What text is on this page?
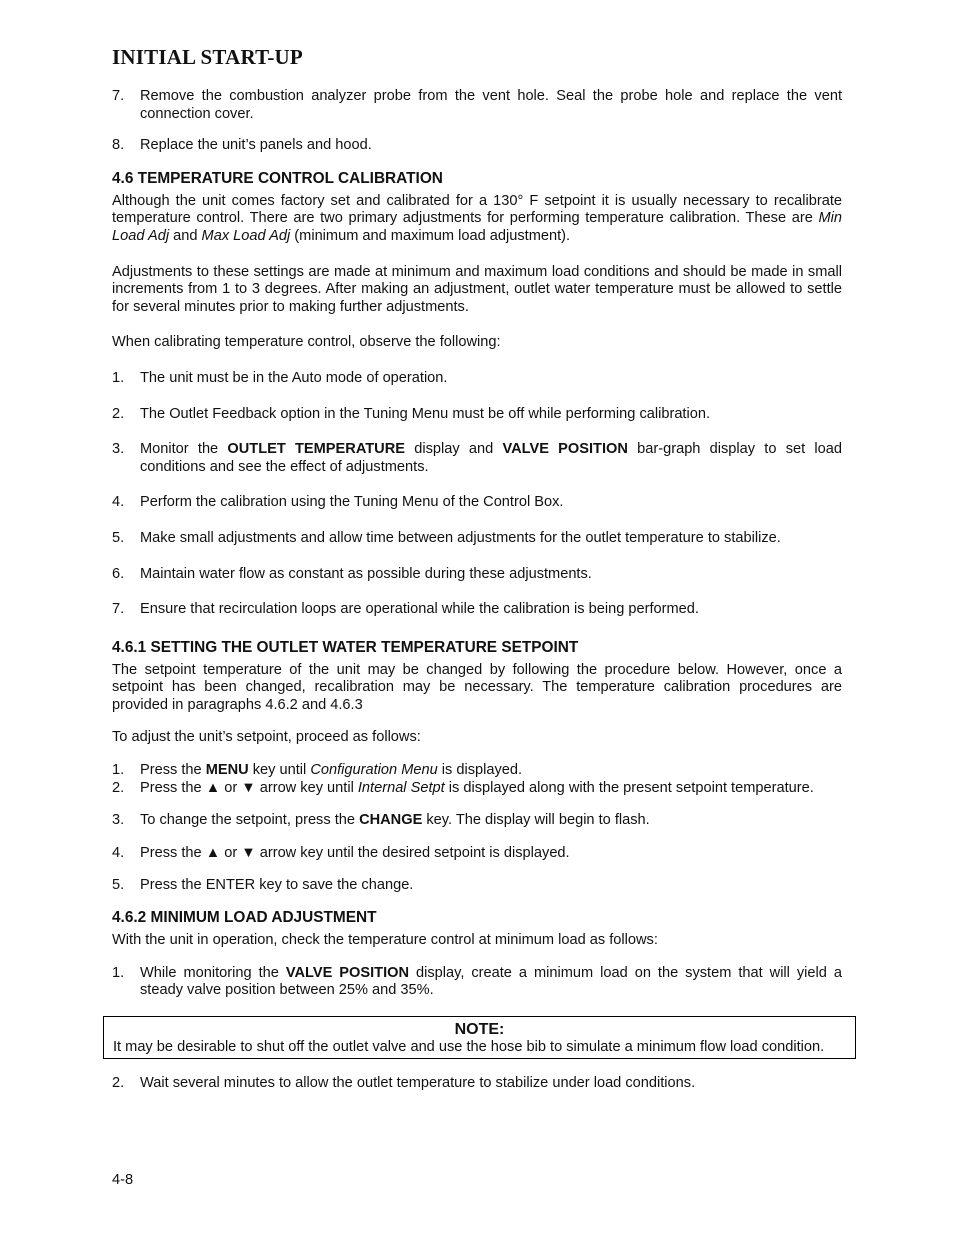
INITIAL START-UP
7. Remove the combustion analyzer probe from the vent hole. Seal the probe hole and replace the vent connection cover.
8. Replace the unit’s panels and hood.
4.6 TEMPERATURE CONTROL CALIBRATION

Although the unit comes factory set and calibrated for a 130° F setpoint it is usually necessary to recalibrate temperature control. There are two primary adjustments for performing temperature calibration. These are Min Load Adj and Max Load Adj (minimum and maximum load adjustment).

Adjustments to these settings are made at minimum and maximum load conditions and should be made in small increments from 1 to 3 degrees. After making an adjustment, outlet water temperature must be allowed to settle for several minutes prior to making further adjustments.

When calibrating temperature control, observe the following:

1. The unit must be in the Auto mode of operation.
2. The Outlet Feedback option in the Tuning Menu must be off while performing calibration.
3. Monitor the OUTLET TEMPERATURE display and VALVE POSITION bar-graph display to set load conditions and see the effect of adjustments.
4. Perform the calibration using the Tuning Menu of the Control Box.
5. Make small adjustments and allow time between adjustments for the outlet temperature to stabilize.
6. Maintain water flow as constant as possible during these adjustments.
7. Ensure that recirculation loops are operational while the calibration is being performed.
4.6.1 SETTING THE OUTLET WATER TEMPERATURE SETPOINT

The setpoint temperature of the unit may be changed by following the procedure below. However, once a setpoint has been changed, recalibration may be necessary. The temperature calibration procedures are provided in paragraphs 4.6.2 and 4.6.3

To adjust the unit’s setpoint, proceed as follows:

1. Press the MENU key until Configuration Menu is displayed.
2. Press the ▲ or ▼ arrow key until Internal Setpt is displayed along with the present setpoint temperature.
3. To change the setpoint, press the CHANGE key. The display will begin to flash.
4. Press the ▲ or ▼ arrow key until the desired setpoint is displayed.
5. Press the ENTER key to save the change.
4.6.2 MINIMUM LOAD ADJUSTMENT

With the unit in operation, check the temperature control at minimum load as follows:

1. While monitoring the VALVE POSITION display, create a minimum load on the system that will yield a steady valve position between 25% and 35%.
NOTE:
It may be desirable to shut off the outlet valve and use the hose bib to simulate a minimum flow load condition.
2. Wait several minutes to allow the outlet temperature to stabilize under load conditions.
4-8
